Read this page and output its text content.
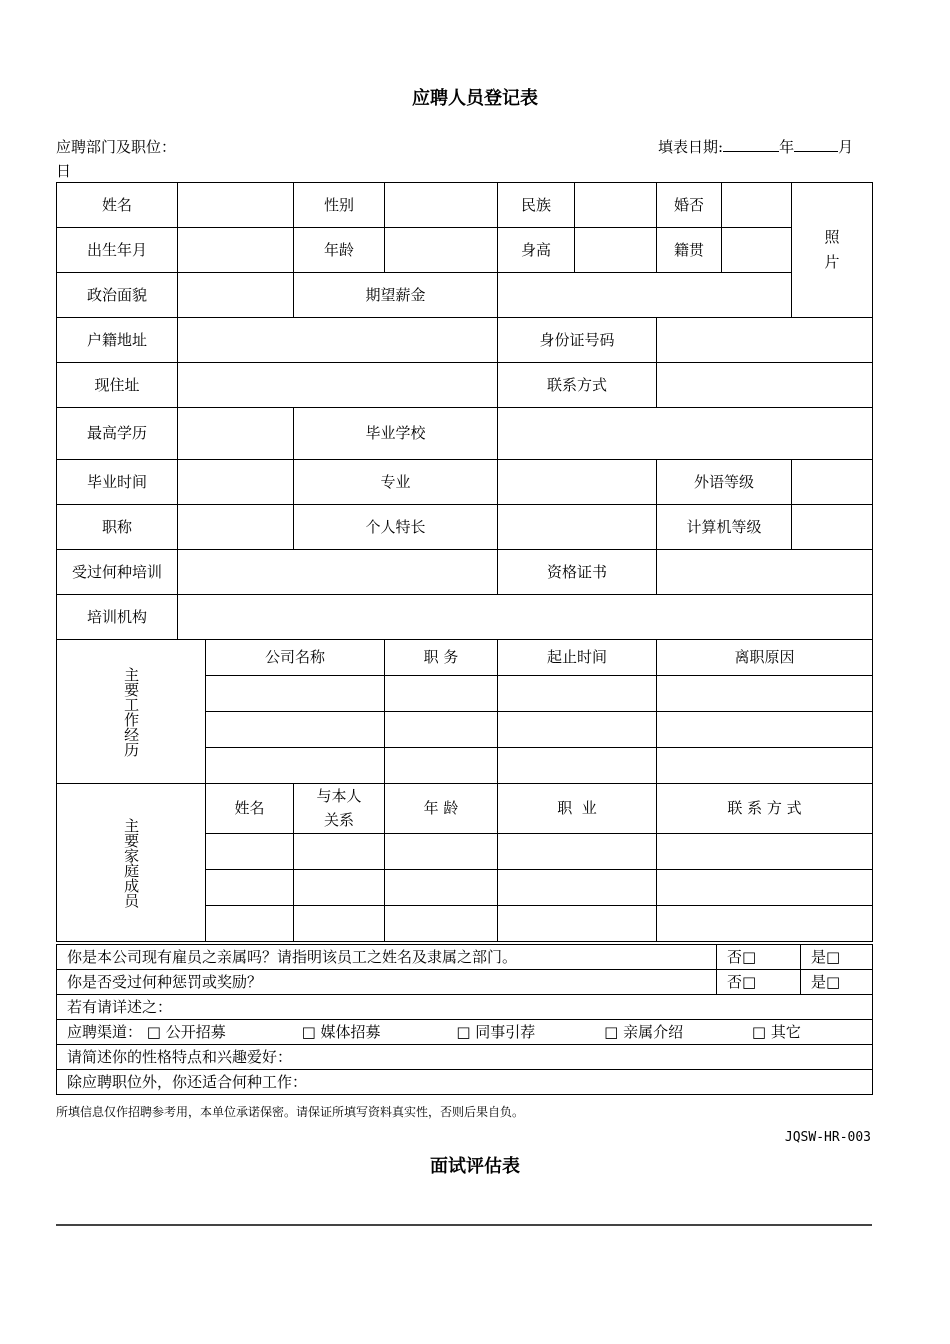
应聘人员登记表
应聘部门及职位：	填表日期:	年	月
日
姓名			性别		民族		婚否		照片

出生年月			年龄		身高		籍贯		
政治面貌			期望薪金						
户籍地址					身份证号码				
现住址					联系方式				
最高学历			毕业学校						
毕业时间			专业				外语等级		
职称			个人特长				计算机等级		
受过何种培训					资格证书				
培训机构									

主要工作经历		公司名称		职 务	起止时间		离职原因		

主要家庭成员		姓名	与本人关系	年 龄	职  业		联 系 方 式		

你是本公司现有雇员之亲属吗？请指明该员工之姓名及隶属之部门。	否□	是□
你是否受过何种惩罚或奖励？	否□	是□
若有请详述之：		
应聘渠道： □ 公开招募 □ 媒体招募 □ 同事引荐 □ 亲属介绍 □ 其它		
请简述你的性格特点和兴趣爱好：		
除应聘职位外，你还适合何种工作：		
所填信息仅作招聘参考用，本单位承诺保密。请保证所填写资料真实性，否则后果自负。
JQSW-HR-003
面试评估表
